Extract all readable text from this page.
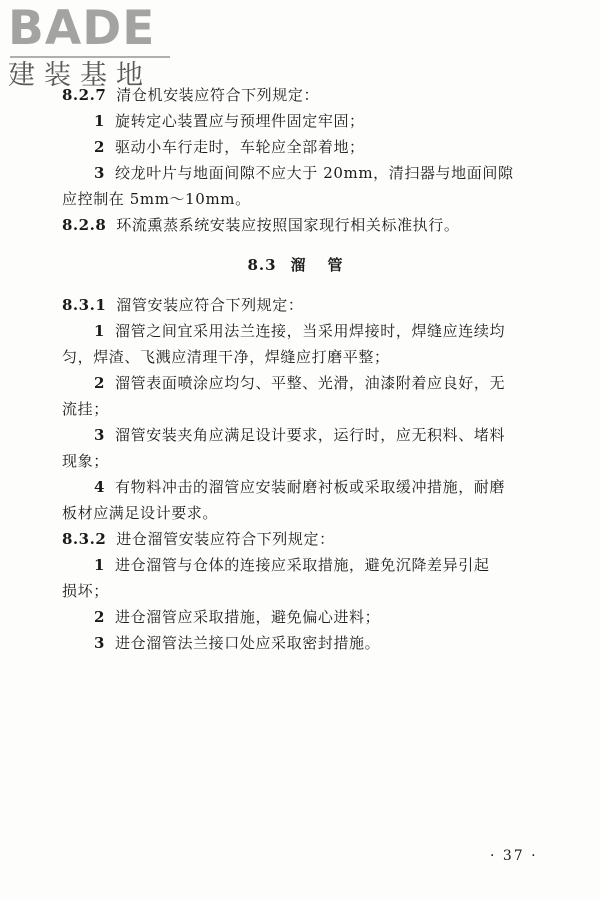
BADE
建装基地

8.2.7 清仓机安装应符合下列规定：

1 旋转定心装置应与预埋件固定牢固；

2 驱动小车行走时，车轮应全部着地；

3 绞龙叶片与地面间隙不应大于 20mm，清扫器与地面间隙

应控制在 5mm～10mm。

8.2.8 环流熏蒸系统安装应按照国家现行相关标准执行。

8.3 溜管

8.3.1 溜管安装应符合下列规定：

1 溜管之间宜采用法兰连接，当采用焊接时，焊缝应连续均

匀，焊渣、飞溅应清理干净，焊缝应打磨平整；

2 溜管表面喷涂应均匀、平整、光滑，油漆附着应良好，无

流挂；

3 溜管安装夹角应满足设计要求，运行时，应无积料、堵料

现象；

4 有物料冲击的溜管应安装耐磨衬板或采取缓冲措施，耐磨

板材应满足设计要求。

8.3.2 进仓溜管安装应符合下列规定：

1 进仓溜管与仓体的连接应采取措施，避免沉降差异引起

损坏；

2 进仓溜管应采取措施，避免偏心进料；

3 进仓溜管法兰接口处应采取密封措施。

· 37 ·
